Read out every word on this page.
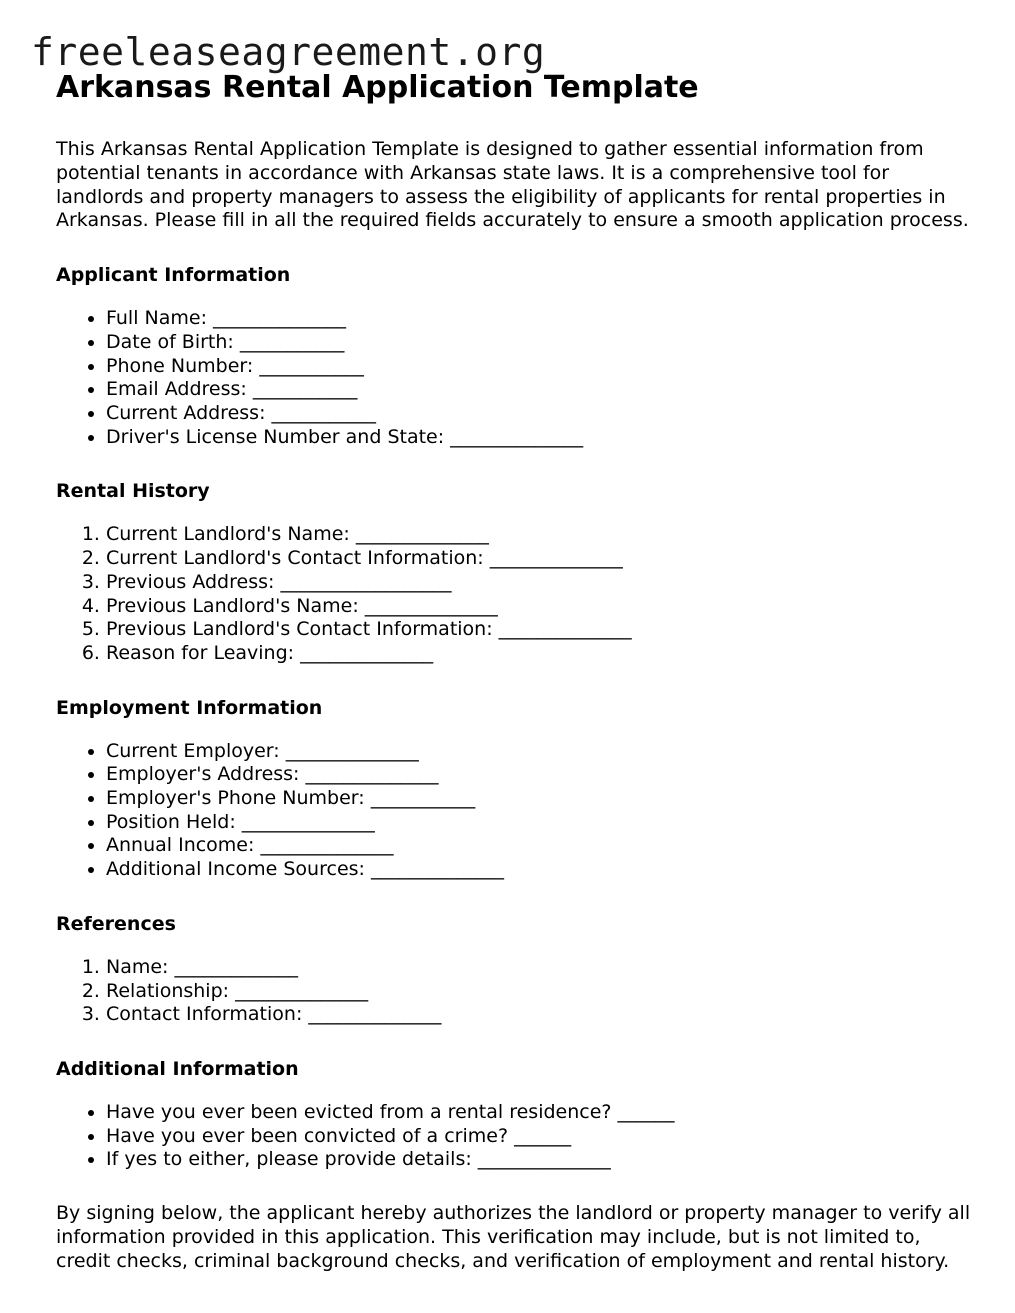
freeleaseagreement.org
Arkansas Rental Application Template

This Arkansas Rental Application Template is designed to gather essential information from potential tenants in accordance with Arkansas state laws. It is a comprehensive tool for landlords and property managers to assess the eligibility of applicants for rental properties in Arkansas. Please fill in all the required fields accurately to ensure a smooth application process.

Applicant Information
• Full Name: ______________
• Date of Birth: ___________
• Phone Number: ___________
• Email Address: ___________
• Current Address: ___________
• Driver's License Number and State: ______________
Rental History
1. Current Landlord's Name: ______________
2. Current Landlord's Contact Information: ______________
3. Previous Address: __________________
4. Previous Landlord's Name: ______________
5. Previous Landlord's Contact Information: ______________
6. Reason for Leaving: ______________
Employment Information
• Current Employer: ______________
• Employer's Address: ______________
• Employer's Phone Number: ___________
• Position Held: ______________
• Annual Income: ______________
• Additional Income Sources: ______________
References
1. Name: _____________
2. Relationship: ______________
3. Contact Information: ______________
Additional Information
• Have you ever been evicted from a rental residence? ______
• Have you ever been convicted of a crime? ______
• If yes to either, please provide details: ______________

By signing below, the applicant hereby authorizes the landlord or property manager to verify all information provided in this application. This verification may include, but is not limited to, credit checks, criminal background checks, and verification of employment and rental history.
